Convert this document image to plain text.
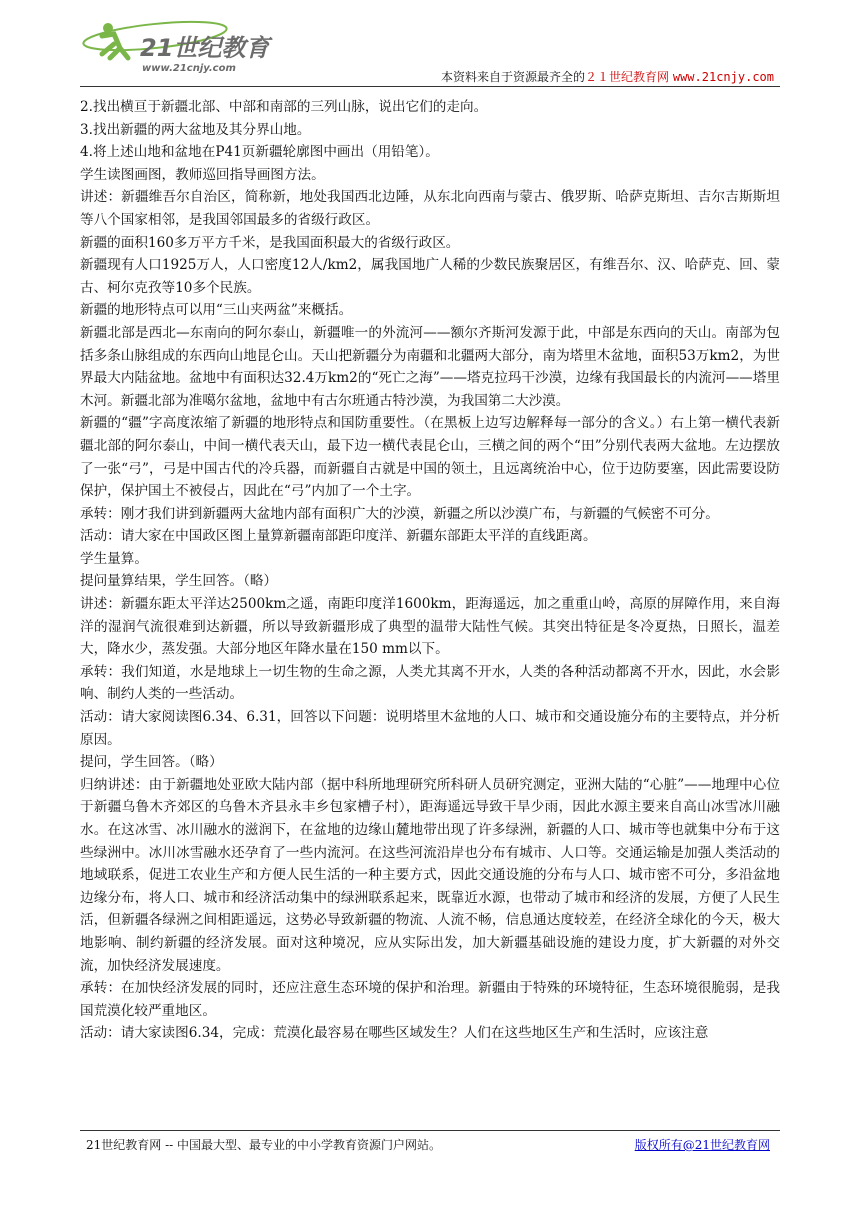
21世纪教育
www.21cnjy.com
本资料来自于资源最齐全的２１世纪教育网 www.21cnjy.com

2.找出横亘于新疆北部、中部和南部的三列山脉，说出它们的走向。

3.找出新疆的两大盆地及其分界山地。

4.将上述山地和盆地在P41页新疆轮廓图中画出（用铅笔）。

学生读图画图，教师巡回指导画图方法。

讲述：新疆维吾尔自治区，简称新，地处我国西北边陲，从东北向西南与蒙古、俄罗斯、哈萨克斯坦、吉尔吉斯斯坦等八个国家相邻，是我国邻国最多的省级行政区。

新疆的面积160多万平方千米，是我国面积最大的省级行政区。

新疆现有人口1925万人，人口密度12人/km2，属我国地广人稀的少数民族聚居区，有维吾尔、汉、哈萨克、回、蒙古、柯尔克孜等10多个民族。

新疆的地形特点可以用“三山夹两盆”来概括。

新疆北部是西北—东南向的阿尔泰山，新疆唯一的外流河——额尔齐斯河发源于此，中部是东西向的天山。南部为包括多条山脉组成的东西向山地昆仑山。天山把新疆分为南疆和北疆两大部分，南为塔里木盆地，面积53万km2，为世界最大内陆盆地。盆地中有面积达32.4万km2的“死亡之海”——塔克拉玛干沙漠，边缘有我国最长的内流河——塔里木河。新疆北部为准噶尔盆地，盆地中有古尔班通古特沙漠，为我国第二大沙漠。

新疆的“疆”字高度浓缩了新疆的地形特点和国防重要性。（在黑板上边写边解释每一部分的含义。）右上第一横代表新疆北部的阿尔泰山，中间一横代表天山，最下边一横代表昆仑山，三横之间的两个“田”分别代表两大盆地。左边摆放了一张“弓”，弓是中国古代的冷兵器，而新疆自古就是中国的领土，且远离统治中心，位于边防要塞，因此需要设防保护，保护国土不被侵占，因此在“弓”内加了一个土字。

承转：刚才我们讲到新疆两大盆地内部有面积广大的沙漠，新疆之所以沙漠广布，与新疆的气候密不可分。

活动：请大家在中国政区图上量算新疆南部距印度洋、新疆东部距太平洋的直线距离。

学生量算。

提问量算结果，学生回答。（略）

讲述：新疆东距太平洋达2500km之遥，南距印度洋1600km，距海遥远，加之重重山岭，高原的屏障作用，来自海洋的湿润气流很难到达新疆，所以导致新疆形成了典型的温带大陆性气候。其突出特征是冬冷夏热，日照长，温差大，降水少，蒸发强。大部分地区年降水量在150 mm以下。

承转：我们知道，水是地球上一切生物的生命之源，人类尤其离不开水，人类的各种活动都离不开水，因此，水会影响、制约人类的一些活动。

活动：请大家阅读图6.34、6.31，回答以下问题：说明塔里木盆地的人口、城市和交通设施分布的主要特点，并分析原因。

提问，学生回答。（略）

归纳讲述：由于新疆地处亚欧大陆内部（据中科所地理研究所科研人员研究测定，亚洲大陆的“心脏”——地理中心位于新疆乌鲁木齐郊区的乌鲁木齐县永丰乡包家槽子村），距海遥远导致干旱少雨，因此水源主要来自高山冰雪冰川融水。在这冰雪、冰川融水的滋润下，在盆地的边缘山麓地带出现了许多绿洲，新疆的人口、城市等也就集中分布于这些绿洲中。冰川冰雪融水还孕育了一些内流河。在这些河流沿岸也分布有城市、人口等。交通运输是加强人类活动的地域联系，促进工农业生产和方便人民生活的一种主要方式，因此交通设施的分布与人口、城市密不可分，多沿盆地边缘分布，将人口、城市和经济活动集中的绿洲联系起来，既靠近水源，也带动了城市和经济的发展，方便了人民生活，但新疆各绿洲之间相距遥远，这势必导致新疆的物流、人流不畅，信息通达度较差，在经济全球化的今天，极大地影响、制约新疆的经济发展。面对这种境况，应从实际出发，加大新疆基础设施的建设力度，扩大新疆的对外交流，加快经济发展速度。

承转：在加快经济发展的同时，还应注意生态环境的保护和治理。新疆由于特殊的环境特征，生态环境很脆弱，是我国荒漠化较严重地区。

活动：请大家读图6.34，完成：荒漠化最容易在哪些区域发生？人们在这些地区生产和生活时，应该注意

21世纪教育网 -- 中国最大型、最专业的中小学教育资源门户网站。	版权所有@21世纪教育网
